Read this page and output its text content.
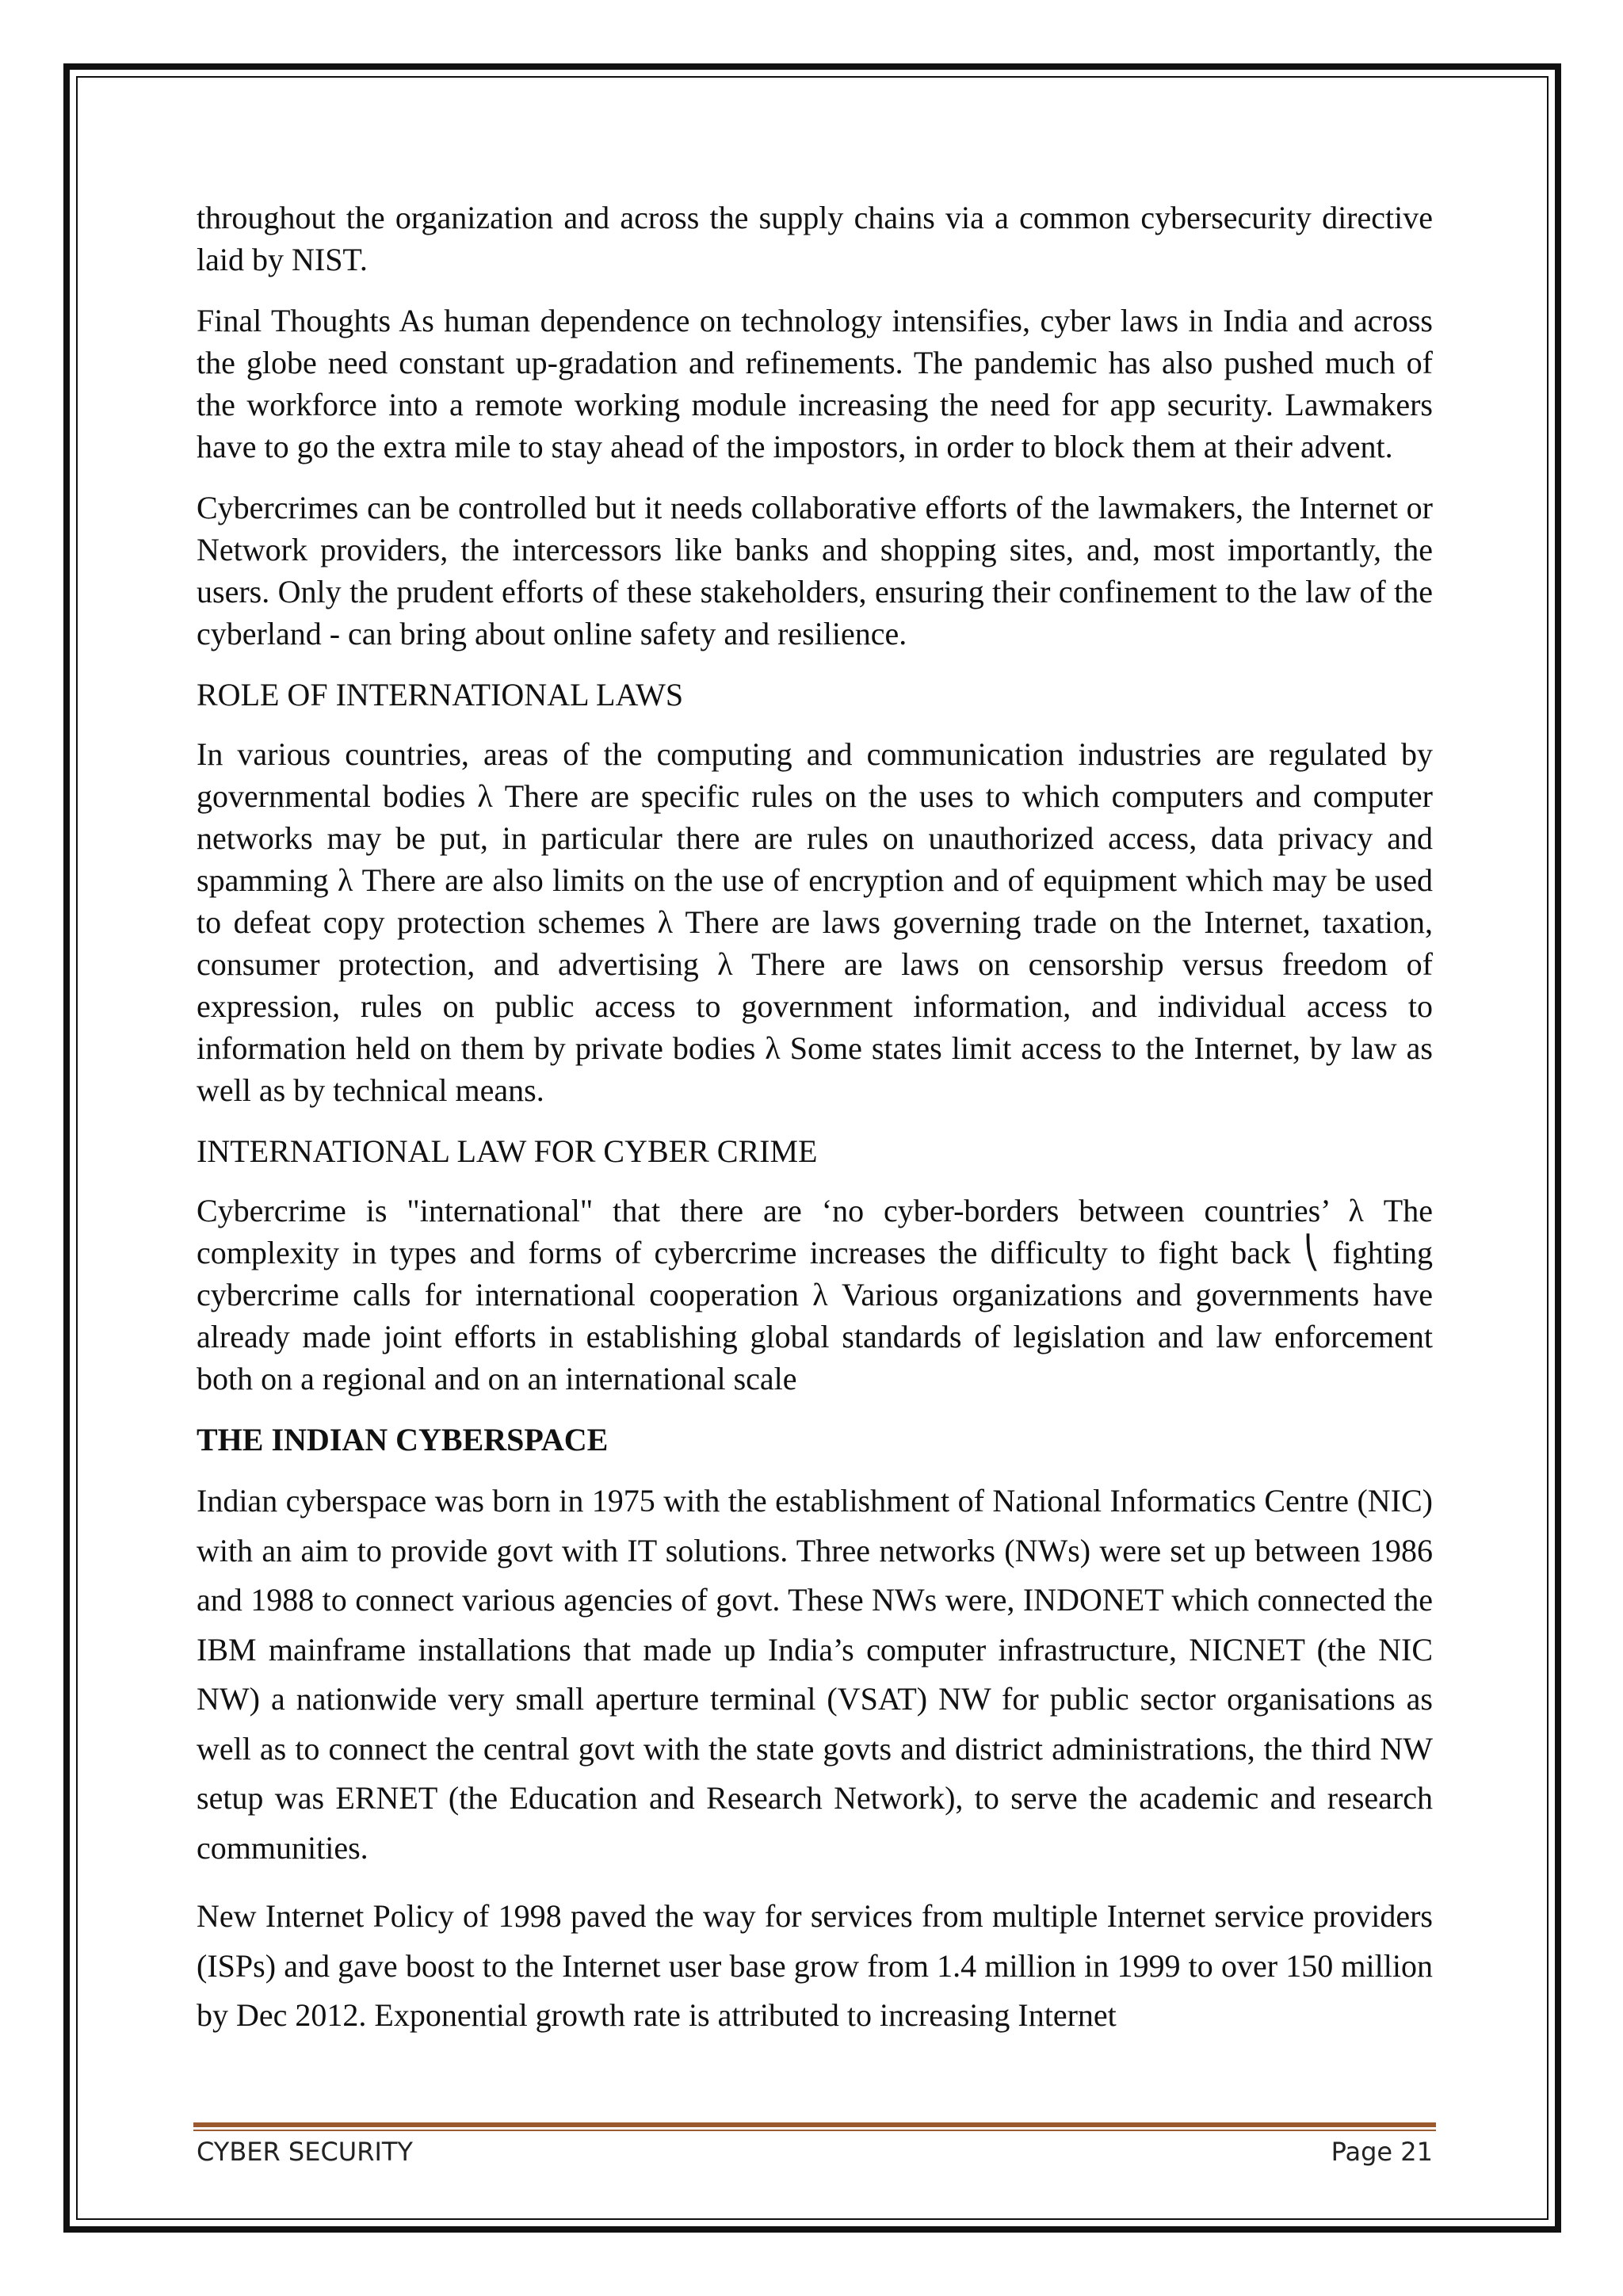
throughout the organization and across the supply chains via a common cybersecurity directive laid by NIST.

Final Thoughts As human dependence on technology intensifies, cyber laws in India and across the globe need constant up-gradation and refinements. The pandemic has also pushed much of the workforce into a remote working module increasing the need for app security. Lawmakers have to go the extra mile to stay ahead of the impostors, in order to block them at their advent.

Cybercrimes can be controlled but it needs collaborative efforts of the lawmakers, the Internet or Network providers, the intercessors like banks and shopping sites, and, most importantly, the users. Only the prudent efforts of these stakeholders, ensuring their confinement to the law of the cyberland - can bring about online safety and resilience.

ROLE OF INTERNATIONAL LAWS

In various countries, areas of the computing and communication industries are regulated by governmental bodies λ There are specific rules on the uses to which computers and computer networks may be put, in particular there are rules on unauthorized access, data privacy and spamming λ There are also limits on the use of encryption and of equipment which may be used to defeat copy protection schemes λ There are laws governing trade on the Internet, taxation, consumer protection, and advertising λ There are laws on censorship versus freedom of expression, rules on public access to government information, and individual access to information held on them by private bodies λ Some states limit access to the Internet, by law as well as by technical means.

INTERNATIONAL LAW FOR CYBER CRIME

Cybercrime is "international" that there are ‘no cyber-borders between countries’ λ The complexity in types and forms of cybercrime increases the difficulty to fight back ⎝ fighting cybercrime calls for international cooperation λ Various organizations and governments have already made joint efforts in establishing global standards of legislation and law enforcement both on a regional and on an international scale

THE INDIAN CYBERSPACE

Indian cyberspace was born in 1975 with the establishment of National Informatics Centre (NIC) with an aim to provide govt with IT solutions. Three networks (NWs) were set up between 1986 and 1988 to connect various agencies of govt. These NWs were, INDONET which connected the IBM mainframe installations that made up India’s computer infrastructure, NICNET (the NIC NW) a nationwide very small aperture terminal (VSAT) NW for public sector organisations as well as to connect the central govt with the state govts and district administrations, the third NW setup was ERNET (the Education and Research Network), to serve the academic and research communities.

New Internet Policy of 1998 paved the way for services from multiple Internet service providers (ISPs) and gave boost to the Internet user base grow from 1.4 million in 1999 to over 150 million by Dec 2012. Exponential growth rate is attributed to increasing Internet

CYBER SECURITY	Page 21
